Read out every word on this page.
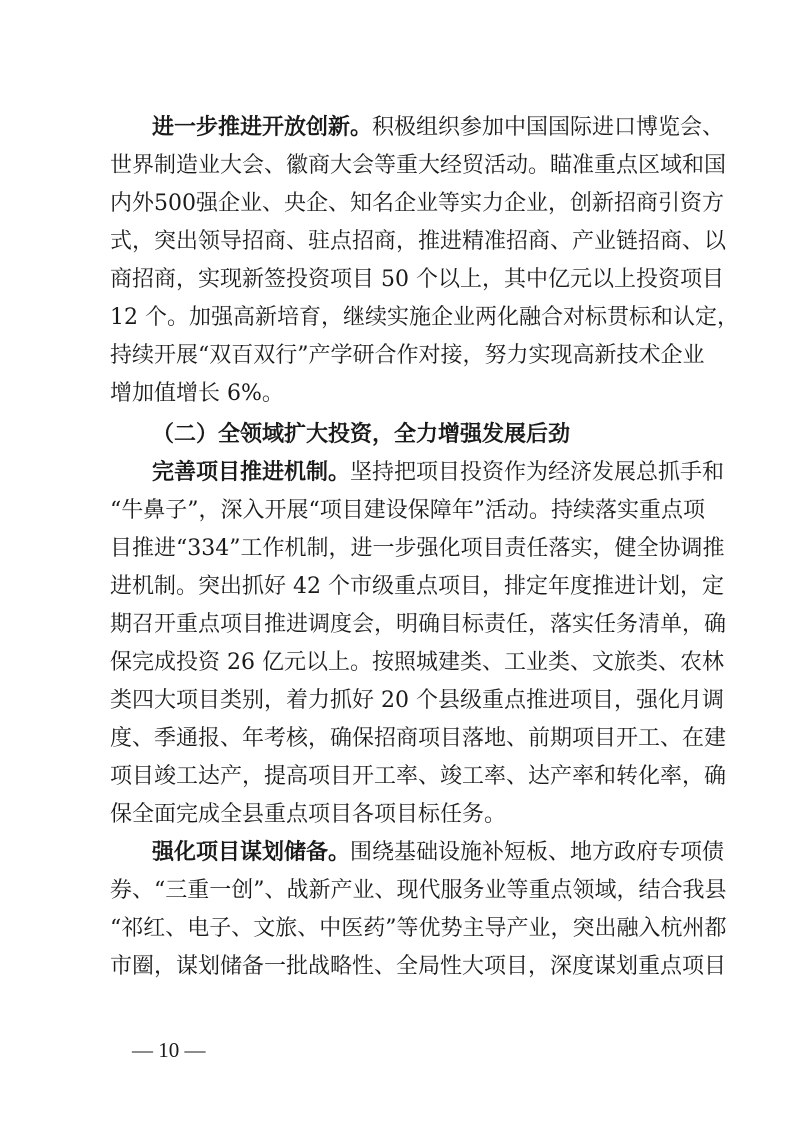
进一步推进开放创新。积极组织参加中国国际进口博览会、

世界制造业大会、徽商大会等重大经贸活动。瞄准重点区域和国

内外500强企业、央企、知名企业等实力企业，创新招商引资方

式，突出领导招商、驻点招商，推进精准招商、产业链招商、以

商招商，实现新签投资项目 50 个以上，其中亿元以上投资项目

12 个。加强高新培育，继续实施企业两化融合对标贯标和认定，

持续开展“双百双行”产学研合作对接，努力实现高新技术企业

增加值增长 6%。

（二）全领域扩大投资，全力增强发展后劲

完善项目推进机制。坚持把项目投资作为经济发展总抓手和

“牛鼻子”，深入开展“项目建设保障年”活动。持续落实重点项

目推进“334”工作机制，进一步强化项目责任落实，健全协调推

进机制。突出抓好 42 个市级重点项目，排定年度推进计划，定

期召开重点项目推进调度会，明确目标责任，落实任务清单，确

保完成投资 26 亿元以上。按照城建类、工业类、文旅类、农林

类四大项目类别，着力抓好 20 个县级重点推进项目，强化月调

度、季通报、年考核，确保招商项目落地、前期项目开工、在建

项目竣工达产，提高项目开工率、竣工率、达产率和转化率，确

保全面完成全县重点项目各项目标任务。

强化项目谋划储备。围绕基础设施补短板、地方政府专项债

券、“三重一创”、战新产业、现代服务业等重点领域，结合我县

“祁红、电子、文旅、中医药”等优势主导产业，突出融入杭州都

市圈，谋划储备一批战略性、全局性大项目，深度谋划重点项目

— 10 —
